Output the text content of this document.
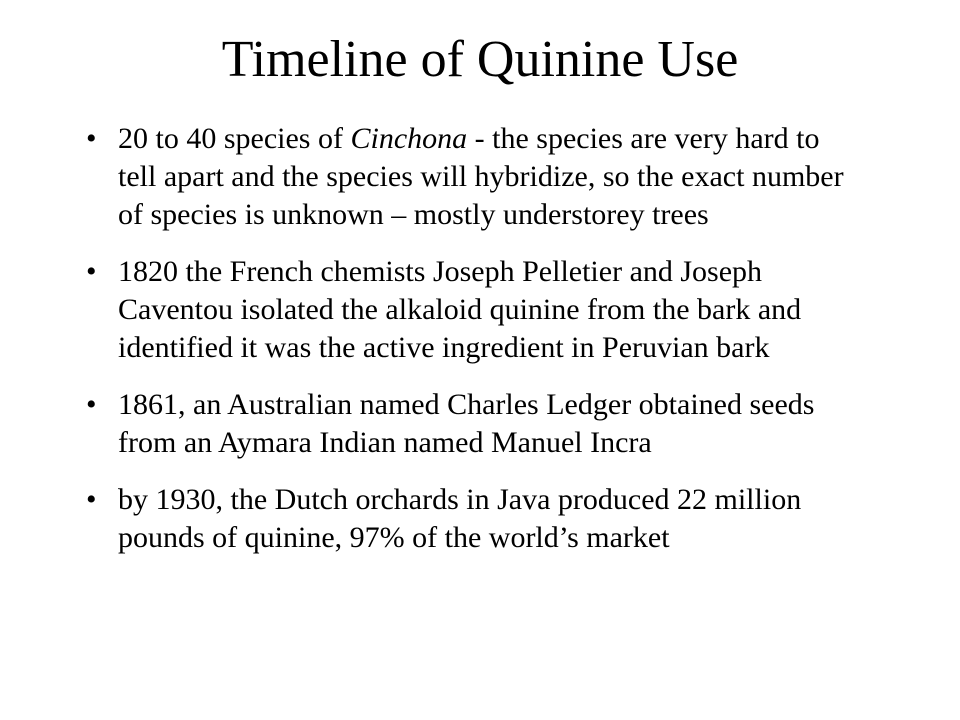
Timeline of Quinine Use
• 20 to 40 species of Cinchona - the species are very hard to tell apart and the species will hybridize, so the exact number of species is unknown – mostly understorey trees
• 1820 the French chemists Joseph Pelletier and Joseph Caventou isolated the alkaloid quinine from the bark and identified it was the active ingredient in Peruvian bark
• 1861, an Australian named Charles Ledger obtained seeds from an Aymara Indian named Manuel Incra
• by 1930, the Dutch orchards in Java produced 22 million pounds of quinine, 97% of the world’s market
